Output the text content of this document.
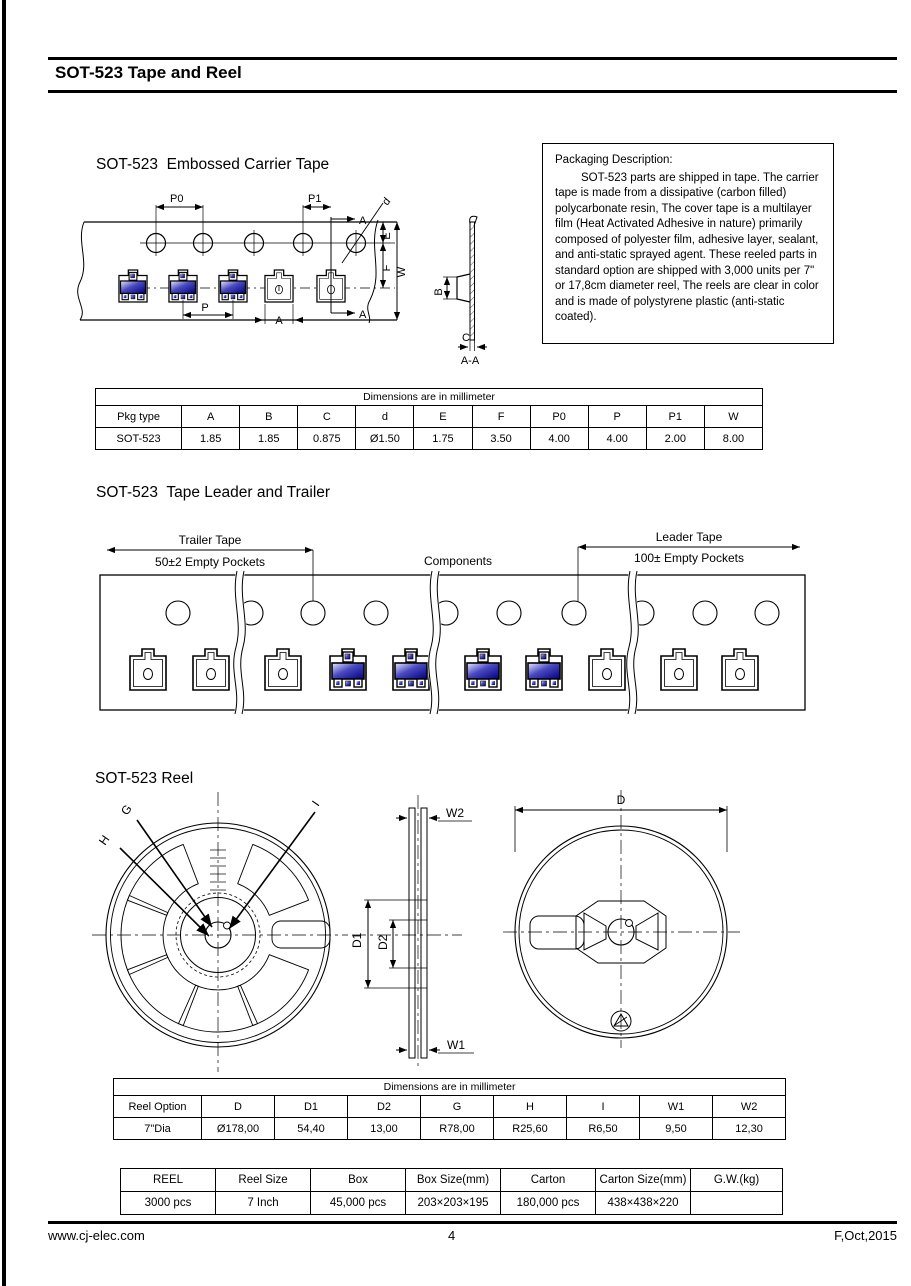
SOT-523 Tape and Reel
SOT-523  Embossed Carrier Tape	Packaging Description:

SOT-523 parts are shipped in tape. The carrier tape is made from a dissipative (carbon filled) polycarbonate resin, The cover tape is a multilayer film (Heat Activated Adhesive in nature) primarily composed of polyester film, adhesive layer, sealant, and anti-static sprayed agent. These reeled parts in standard option are shipped with 3,000 units per 7" or 17,8cm diameter reel, The reels are clear in color and is made of polystyrene plastic (anti-static coated).

P0	P1
A
d
E
F W
P
A	A
B
C
A-A
Dimensions are in millimeter										
Pkg type	A	B	C	d	E	F	P0	P	P1	W
SOT-523	1.85	1.85	0.875	Ø1.50	1.75	3.50	4.00	4.00	2.00	8.00
SOT-523  Tape Leader and Trailer
Trailer Tape
50±2 Empty Pockets	Components
Leader Tape
100± Empty Pockets
SOT-523 Reel
G
H
I
D1 D2
W2
W1
D
Dimensions are in millimeter								
Reel Option	D	D1	D2	G	H	I	W1	W2
7"Dia	Ø178,00	54,40	13,00	R78,00	R25,60	R6,50	9,50	12,30
REEL	Reel Size	Box	Box Size(mm)	Carton	Carton Size(mm)	G.W.(kg)
3000 pcs	7 Inch	45,000 pcs	203×203×195	180,000 pcs	438×438×220	
www.cj-elec.com	4	F,Oct,2015
